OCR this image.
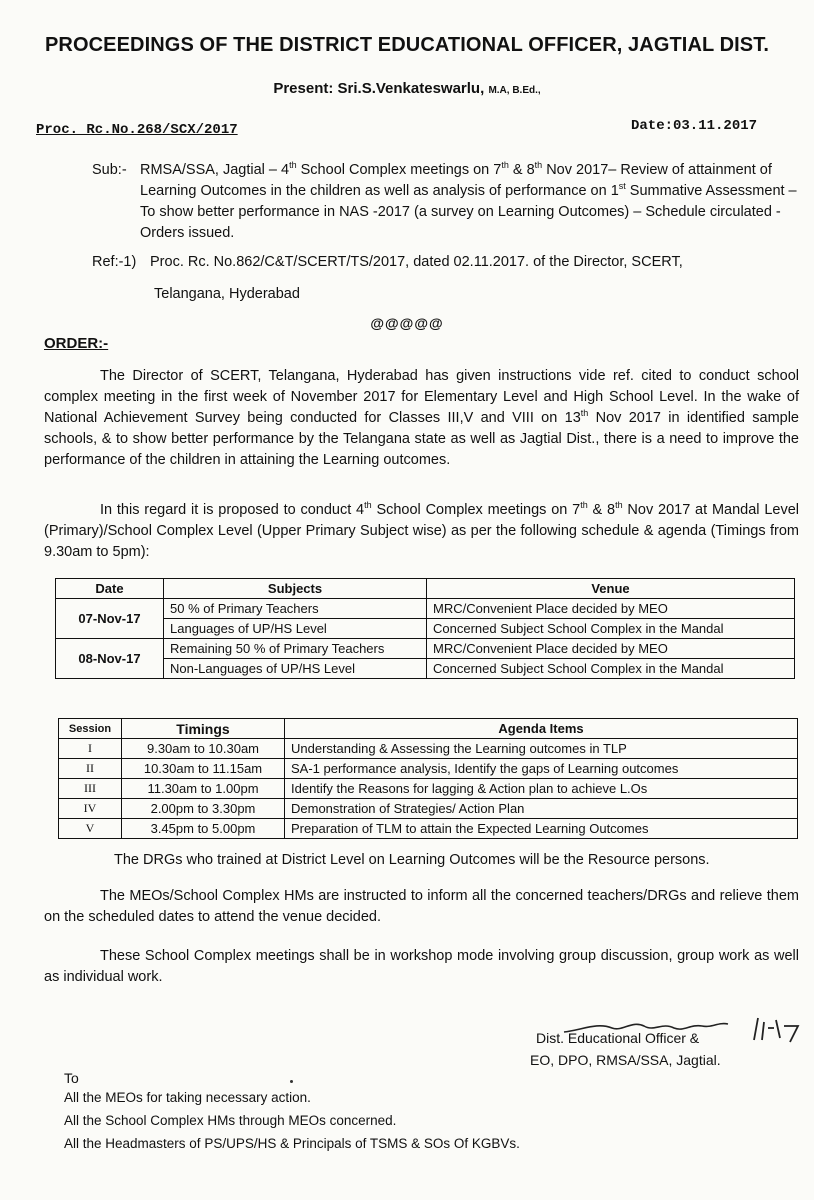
PROCEEDINGS OF THE DISTRICT EDUCATIONAL OFFICER, JAGTIAL DIST.
Present: Sri.S.Venkateswarlu, M.A, B.Ed.,
Proc. Rc.No.268/SCX/2017	Date:03.11.2017
Sub:- RMSA/SSA, Jagtial – 4th School Complex meetings on 7th & 8th Nov 2017– Review of attainment of Learning Outcomes in the children as well as analysis of performance on 1st Summative Assessment – To show better performance in NAS -2017 (a survey on Learning Outcomes) – Schedule circulated - Orders issued.
Ref:-1) Proc. Rc. No.862/C&T/SCERT/TS/2017, dated 02.11.2017. of the Director, SCERT,
Telangana, Hyderabad
@@@@@
ORDER:-
The Director of SCERT, Telangana, Hyderabad has given instructions vide ref. cited to conduct school complex meeting in the first week of November 2017 for Elementary Level and High School Level. In the wake of National Achievement Survey being conducted for Classes III,V and VIII on 13th Nov 2017 in identified sample schools, & to show better performance by the Telangana state as well as Jagtial Dist., there is a need to improve the performance of the children in attaining the Learning outcomes.
In this regard it is proposed to conduct 4th School Complex meetings on 7th & 8th Nov 2017 at Mandal Level (Primary)/School Complex Level (Upper Primary Subject wise) as per the following schedule & agenda (Timings from 9.30am to 5pm):
Date	Subjects	Venue
07-Nov-17	50 % of Primary Teachers	MRC/Convenient Place decided by MEO
	Languages of UP/HS Level	Concerned Subject School Complex in the Mandal
08-Nov-17	Remaining 50 % of Primary Teachers	MRC/Convenient Place decided by MEO
	Non-Languages of UP/HS Level	Concerned Subject School Complex in the Mandal
Session	Timings	Agenda Items
I	9.30am to 10.30am	Understanding & Assessing the Learning outcomes in TLP
II	10.30am to 11.15am	SA-1 performance analysis, Identify the gaps of Learning outcomes
III	11.30am to 1.00pm	Identify the Reasons for lagging & Action plan to achieve L.Os
IV	2.00pm to 3.30pm	Demonstration of Strategies/ Action Plan
V	3.45pm to 5.00pm	Preparation of TLM to attain the Expected Learning Outcomes
The DRGs who trained at District Level on Learning Outcomes will be the Resource persons.
The MEOs/School Complex HMs are instructed to inform all the concerned teachers/DRGs and relieve them on the scheduled dates to attend the venue decided.
These School Complex meetings shall be in workshop mode involving group discussion, group work as well as individual work.
Dist. Educational Officer &
EO, DPO, RMSA/SSA, Jagtial.
To
All the MEOs for taking necessary action.
All the School Complex HMs through MEOs concerned.
All the Headmasters of PS/UPS/HS & Principals of TSMS & SOs Of KGBVs.
